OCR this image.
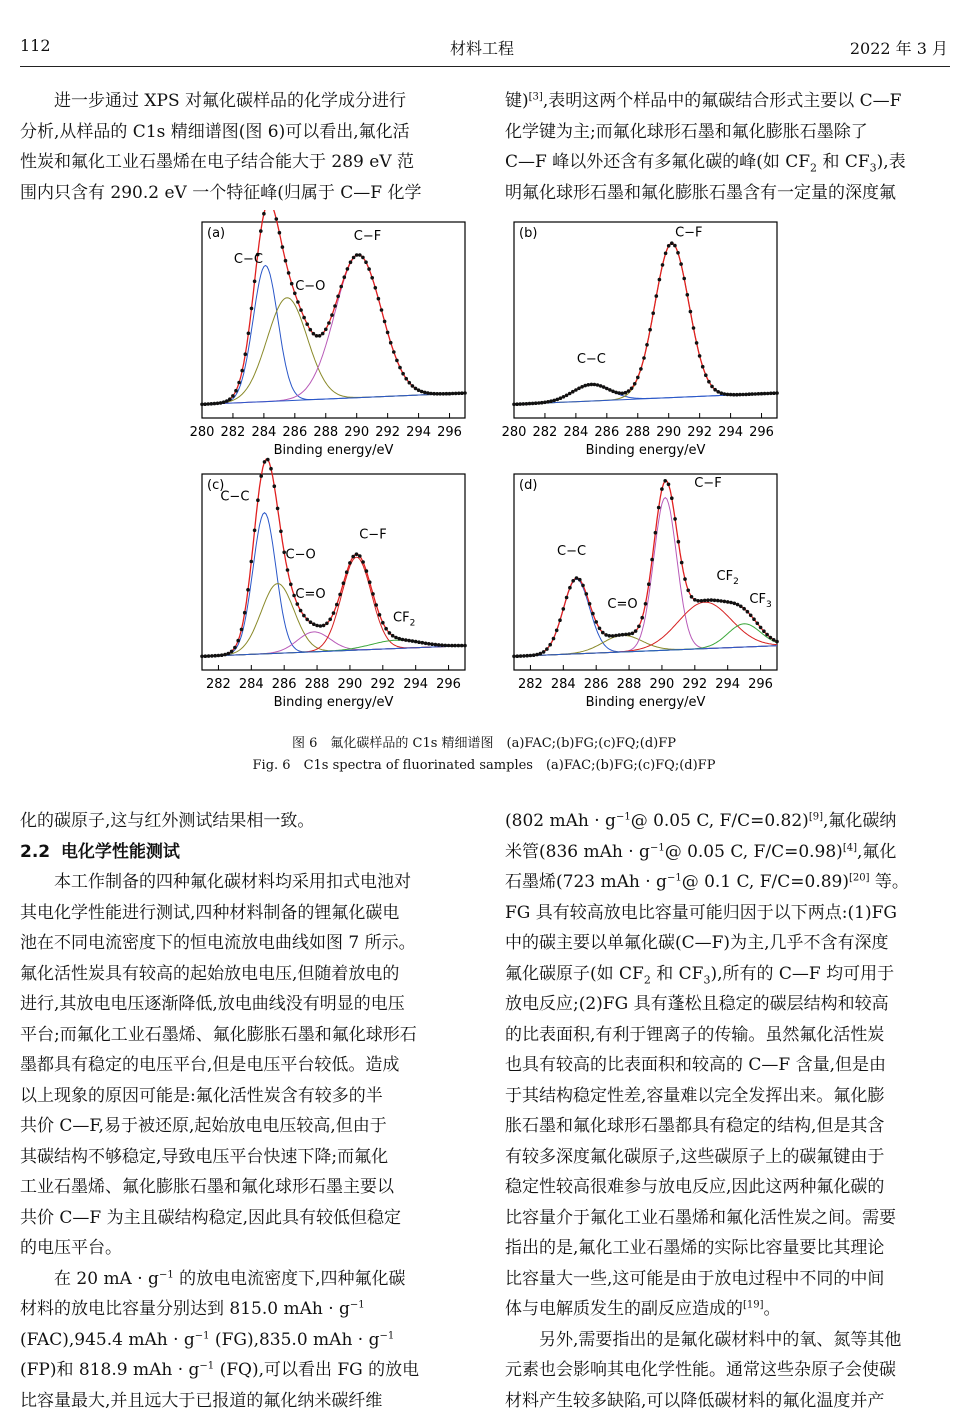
112	材料工程	2022 年 3 月

进一步通过 XPS 对氟化碳样品的化学成分进行

分析,从样品的 C1s 精细谱图(图 6)可以看出,氟化活

性炭和氟化工业石墨烯在电子结合能大于 289 eV 范

围内只含有 290.2 eV 一个特征峰(归属于 C—F 化学

键)[3],表明这两个样品中的氟碳结合形式主要以 C—F

化学键为主;而氟化球形石墨和氟化膨胀石墨除了

C—F 峰以外还含有多氟化碳的峰(如 $CF_2$ 和 $CF_3$),表

明氟化球形石墨和氟化膨胀石墨含有一定量的深度氟

(a)
280 282 284 286 288 290 292 294 296
Binding energy/eV
C−C
C−O
C−F	(b)
280 282 284 286 288 290 292 294 296
Binding energy/eV
C−F
C−C
(c)
282 284 286 288 290 292 294 296
Binding energy/eV
C−C
C−O
C=O
C−F
$CF_2$
(d)
282 284 286 288 290 292 294 296
Binding energy/eV
C−F
C−C
C=O
$CF_2$
$CF_3$
图 6　氟化碳样品的 C1s 精细谱图　(a)FAC;(b)FG;(c)FQ;(d)FP
Fig. 6　C1s spectra of fluorinated samples　(a)FAC;(b)FG;(c)FQ;(d)FP

化的碳原子,这与红外测试结果相一致。

2.2 电化学性能测试

本工作制备的四种氟化碳材料均采用扣式电池对

其电化学性能进行测试,四种材料制备的锂氟化碳电

池在不同电流密度下的恒电流放电曲线如图 7 所示。

氟化活性炭具有较高的起始放电电压,但随着放电的

进行,其放电电压逐渐降低,放电曲线没有明显的电压

平台;而氟化工业石墨烯、氟化膨胀石墨和氟化球形石

墨都具有稳定的电压平台,但是电压平台较低。造成

以上现象的原因可能是:氟化活性炭含有较多的半

共价 C—F,易于被还原,起始放电电压较高,但由于

其碳结构不够稳定,导致电压平台快速下降;而氟化

工业石墨烯、氟化膨胀石墨和氟化球形石墨主要以

共价 C—F 为主且碳结构稳定,因此具有较低但稳定

的电压平台。

在 20 mA · $g^{-1}$ 的放电电流密度下,四种氟化碳

材料的放电比容量分别达到 815.0 mAh · $g^{-1}$

(FAC),945.4 mAh · $g^{-1}$ (FG),835.0 mAh · $g^{-1}$

(FP)和 818.9 mAh · $g^{-1}$ (FQ),可以看出 FG 的放电

比容量最大,并且远大于已报道的氟化纳米碳纤维

(802 mAh · $g^{-1}@$ 0.05 C, F/C=0.82)[9],氟化碳纳

米管(836 mAh · $g^{-1}@$ 0.05 C, F/C=0.98)[4],氟化

石墨烯(723 mAh · $g^{-1}@$ 0.1 C, F/C=0.89)[20] 等。

FG 具有较高放电比容量可能归因于以下两点:(1)FG

中的碳主要以单氟化碳(C—F)为主,几乎不含有深度

氟化碳原子(如 $CF_2$ 和 $CF_3$),所有的 C—F 均可用于

放电反应;(2)FG 具有蓬松且稳定的碳层结构和较高

的比表面积,有利于锂离子的传输。虽然氟化活性炭

也具有较高的比表面积和较高的 C—F 含量,但是由

于其结构稳定性差,容量难以完全发挥出来。氟化膨

胀石墨和氟化球形石墨都具有稳定的结构,但是其含

有较多深度氟化碳原子,这些碳原子上的碳氟键由于

稳定性较高很难参与放电反应,因此这两种氟化碳的

比容量介于氟化工业石墨烯和氟化活性炭之间。需要

指出的是,氟化工业石墨烯的实际比容量要比其理论

比容量大一些,这可能是由于放电过程中不同的中间

体与电解质发生的副反应造成的[19]。

另外,需要指出的是氟化碳材料中的氧、氮等其他

元素也会影响其电化学性能。通常这些杂原子会使碳

材料产生较多缺陷,可以降低碳材料的氟化温度并产
